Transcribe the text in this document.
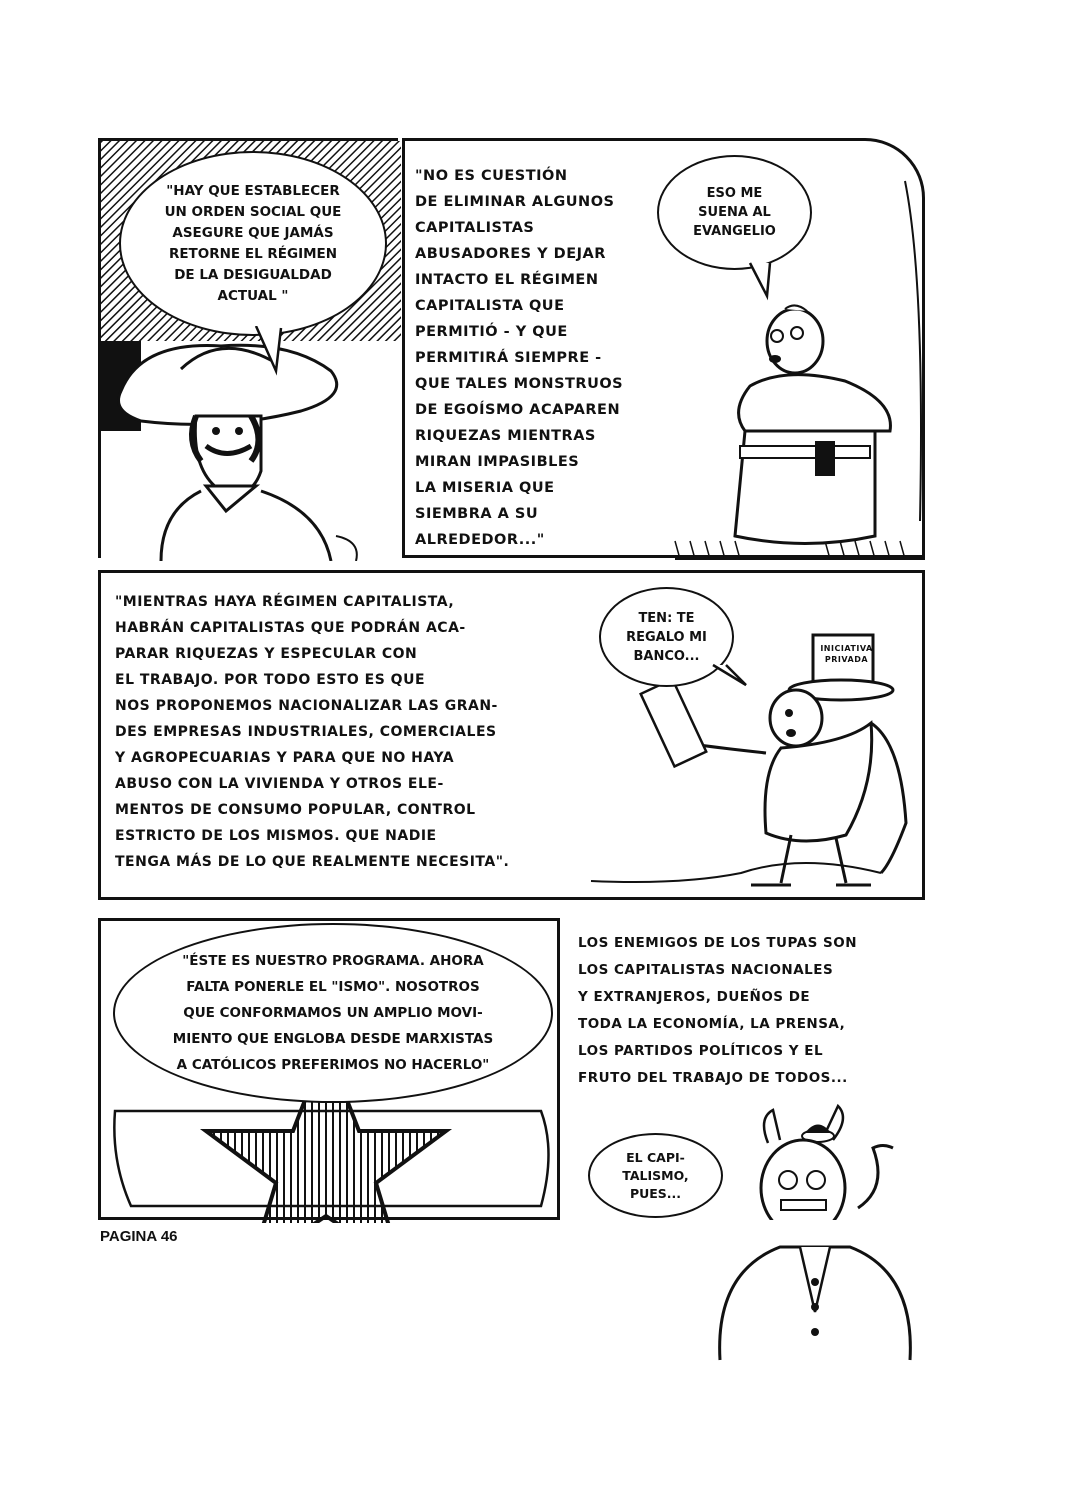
"HAY QUE ESTABLECER
UN ORDEN SOCIAL QUE
ASEGURE QUE JAMÁS
RETORNE EL RÉGIMEN
DE LA DESIGUALDAD
ACTUAL "
"NO ES CUESTIÓN
DE ELIMINAR ALGUNOS
CAPITALISTAS
ABUSADORES Y DEJAR
INTACTO EL RÉGIMEN
CAPITALISTA QUE
PERMITIÓ - Y QUE
PERMITIRÁ SIEMPRE -
QUE TALES MONSTRUOS
DE EGOÍSMO ACAPAREN
RIQUEZAS MIENTRAS
MIRAN IMPASIBLES
LA MISERIA QUE
SIEMBRA A SU
ALREDEDOR..."
ESO ME
SUENA AL
EVANGELIO
"MIENTRAS HAYA RÉGIMEN CAPITALISTA,
HABRÁN CAPITALISTAS QUE PODRÁN ACA-
PARAR RIQUEZAS Y ESPECULAR CON
EL TRABAJO. POR TODO ESTO ES QUE
NOS PROPONEMOS NACIONALIZAR LAS GRAN-
DES EMPRESAS INDUSTRIALES, COMERCIALES
Y AGROPECUARIAS Y PARA QUE NO HAYA
ABUSO CON LA VIVIENDA Y OTROS ELE-
MENTOS DE CONSUMO POPULAR, CONTROL
ESTRICTO DE LOS MISMOS. QUE NADIE
TENGA MÁS DE LO QUE REALMENTE NECESITA".
INICIATIVA
PRIVADA
TEN: TE
REGALO MI
BANCO...
"ÉSTE ES NUESTRO PROGRAMA. AHORA
FALTA PONERLE EL "ISMO". NOSOTROS
QUE CONFORMAMOS UN AMPLIO MOVI-
MIENTO QUE ENGLOBA DESDE MARXISTAS
A CATÓLICOS PREFERIMOS NO HACERLO"
LOS ENEMIGOS DE LOS TUPAS SON
LOS CAPITALISTAS NACIONALES
Y EXTRANJEROS, DUEÑOS DE
TODA LA ECONOMÍA, LA PRENSA,
LOS PARTIDOS POLÍTICOS Y EL
FRUTO DEL TRABAJO DE TODOS...
EL CAPI-
TALISMO,
PUES...
PAGINA 46
